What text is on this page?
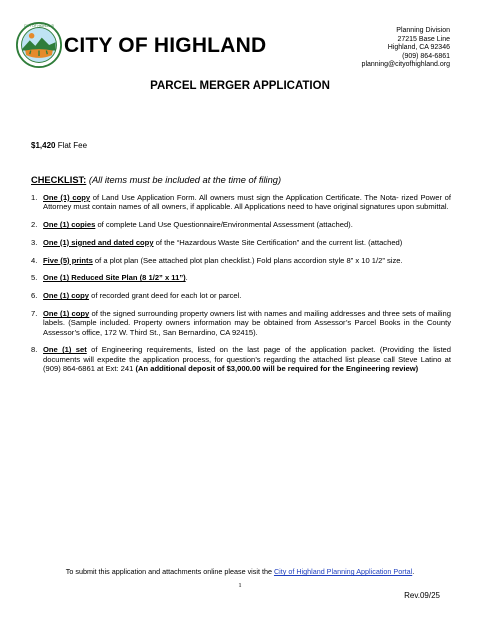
CITY OF HIGHLAND
CITY OF HIGHLAND
Planning Division
27215 Base Line
Highland, CA 92346
(909) 864-6861
planning@cityofhighland.org
PARCEL MERGER APPLICATION
$1,420 Flat Fee
CHECKLIST: (All items must be included at the time of filing)
1. One (1) copy of Land Use Application Form. All owners must sign the Application Certificate. The Nota- rized Power of Attorney must contain names of all owners, if applicable. All Applications need to have original signatures upon submittal.
2. One (1) copies of complete Land Use Questionnaire/Environmental Assessment (attached).
3. One (1) signed and dated copy of the “Hazardous Waste Site Certification” and the current list. (attached)
4. Five (5) prints of a plot plan (See attached plot plan checklist.) Fold plans accordion style 8” x 10 1/2” size.
5. One (1) Reduced Site Plan (8 1/2” x 11”).
6. One (1) copy of recorded grant deed for each lot or parcel.
7. One (1) copy of the signed surrounding property owners list with names and mailing addresses and three sets of mailing labels. (Sample included. Property owners information may be obtained from Assessor’s Parcel Books in the County Assessor’s office, 172 W. Third St., San Bernardino, CA 92415).
8. One (1) set of Engineering requirements, listed on the last page of the application packet. (Providing the listed documents will expedite the application process, for question’s regarding the attached list please call Steve Latino at (909) 864-6861 at Ext: 241 (An additional deposit of $3,000.00 will be required for the Engineering review)
To submit this application and attachments online please visit the City of Highland Planning Application Portal.
1
Rev.09/25
